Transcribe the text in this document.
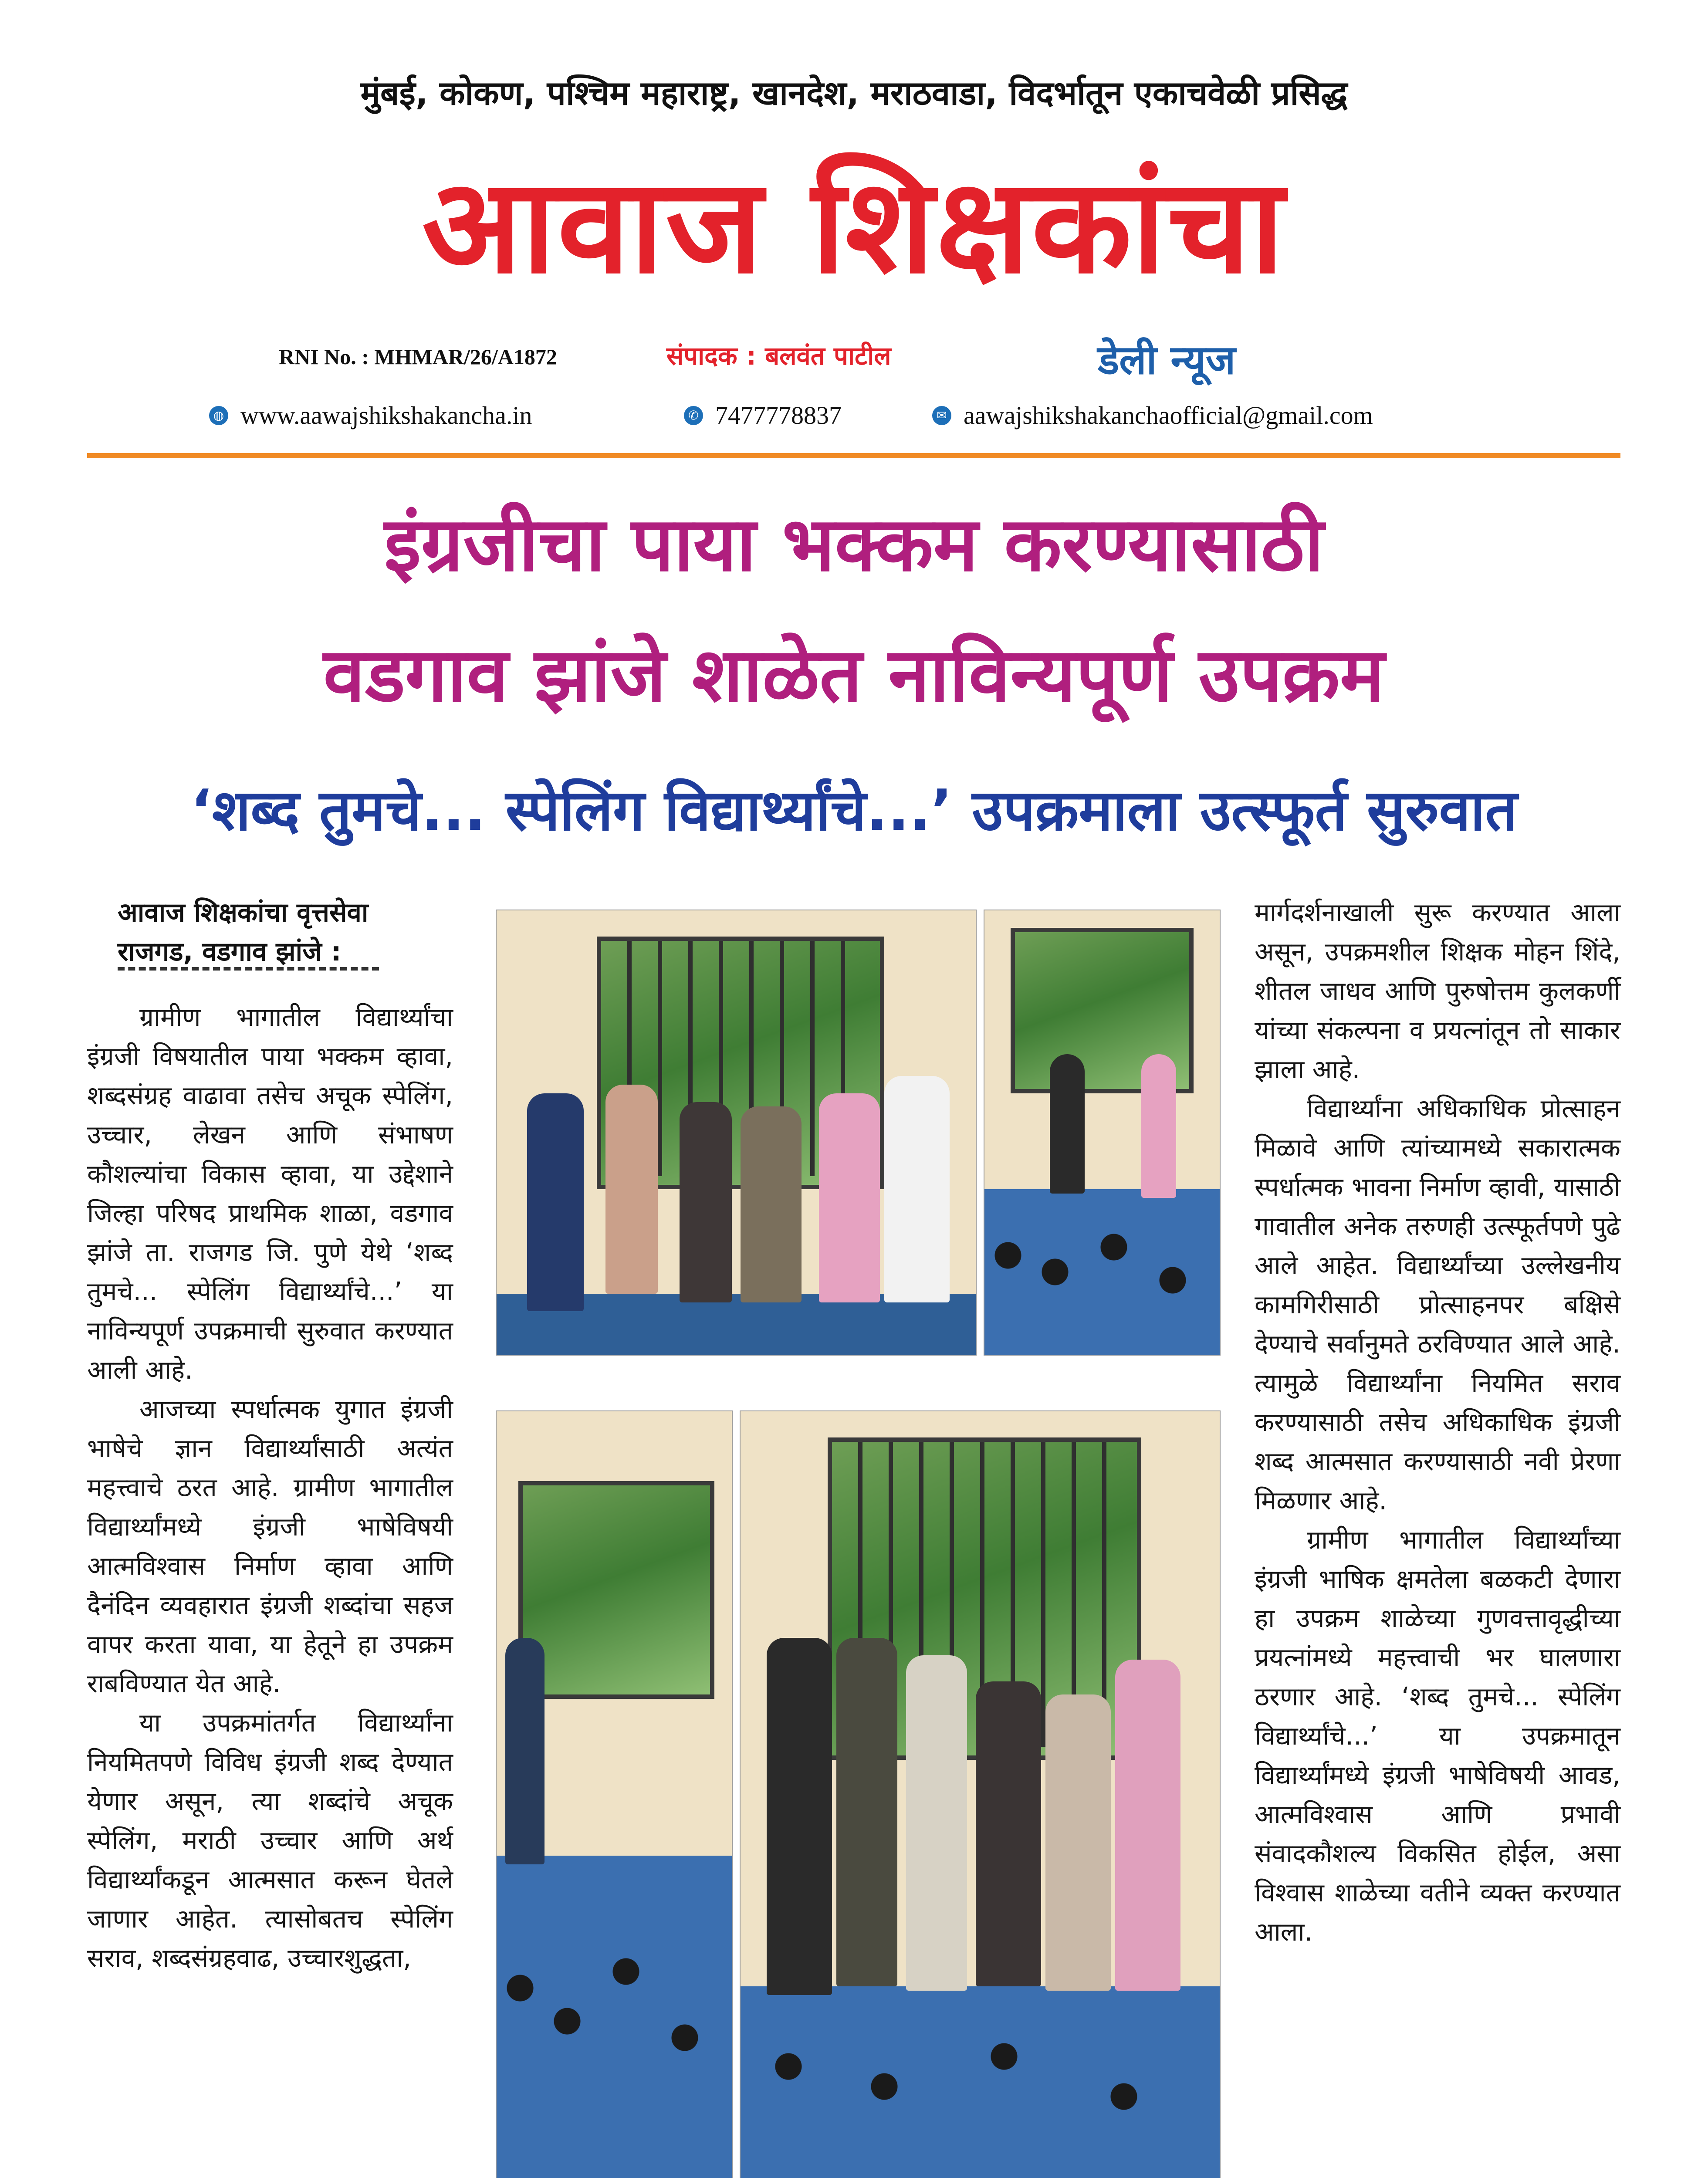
मुंबई, कोकण, पश्चिम महाराष्ट्र, खानदेश, मराठवाडा, विदर्भातून एकाचवेळी प्रसिद्ध
आवाज शिक्षकांचा
RNI No. : MHMAR/26/A1872	संपादक : बलवंत पाटील	डेली न्यूज
◍ www.aawajshikshakancha.in	✆ 7477778837	✉ aawajshikshakanchaofficial@gmail.com
इंग्रजीचा पाया भक्कम करण्यासाठी
वडगाव झांजे शाळेत नाविन्यपूर्ण उपक्रम
‘शब्द तुमचे... स्पेलिंग विद्यार्थ्यांचे...’ उपक्रमाला उत्स्फूर्त सुरुवात
आवाज शिक्षकांचा वृत्तसेवा
राजगड, वडगाव झांजे :

ग्रामीण भागातील विद्यार्थ्यांचा इंग्रजी विषयातील पाया भक्कम व्हावा, शब्दसंग्रह वाढावा तसेच अचूक स्पेलिंग, उच्चार, लेखन आणि संभाषण कौशल्यांचा विकास व्हावा, या उद्देशाने जिल्हा परिषद प्राथमिक शाळा, वडगाव झांजे ता. राजगड जि. पुणे येथे ‘शब्द तुमचे... स्पेलिंग विद्यार्थ्यांचे...’ या नाविन्यपूर्ण उपक्रमाची सुरुवात करण्यात आली आहे.

आजच्या स्पर्धात्मक युगात इंग्रजी भाषेचे ज्ञान विद्यार्थ्यांसाठी अत्यंत महत्त्वाचे ठरत आहे. ग्रामीण भागातील विद्यार्थ्यांमध्ये इंग्रजी भाषेविषयी आत्मविश्वास निर्माण व्हावा आणि दैनंदिन व्यवहारात इंग्रजी शब्दांचा सहज वापर करता यावा, या हेतूने हा उपक्रम राबविण्यात येत आहे.

या उपक्रमांतर्गत विद्यार्थ्यांना नियमितपणे विविध इंग्रजी शब्द देण्यात येणार असून, त्या शब्दांचे अचूक स्पेलिंग, मराठी उच्चार आणि अर्थ विद्यार्थ्यांकडून आत्मसात करून घेतले जाणार आहेत. त्यासोबतच स्पेलिंग सराव, शब्दसंग्रहवाढ, उच्चारशुद्धता,

मार्गदर्शनाखाली सुरू करण्यात आला असून, उपक्रमशील शिक्षक मोहन शिंदे, शीतल जाधव आणि पुरुषोत्तम कुलकर्णी यांच्या संकल्पना व प्रयत्नांतून तो साकार झाला आहे.

विद्यार्थ्यांना अधिकाधिक प्रोत्साहन मिळावे आणि त्यांच्यामध्ये सकारात्मक स्पर्धात्मक भावना निर्माण व्हावी, यासाठी गावातील अनेक तरुणही उत्स्फूर्तपणे पुढे आले आहेत. विद्यार्थ्यांच्या उल्लेखनीय कामगिरीसाठी प्रोत्साहनपर बक्षिसे देण्याचे सर्वानुमते ठरविण्यात आले आहे. त्यामुळे विद्यार्थ्यांना नियमित सराव करण्यासाठी तसेच अधिकाधिक इंग्रजी शब्द आत्मसात करण्यासाठी नवी प्रेरणा मिळणार आहे.

ग्रामीण भागातील विद्यार्थ्यांच्या इंग्रजी भाषिक क्षमतेला बळकटी देणारा हा उपक्रम शाळेच्या गुणवत्तावृद्धीच्या प्रयत्नांमध्ये महत्त्वाची भर घालणारा ठरणार आहे. ‘शब्द तुमचे... स्पेलिंग विद्यार्थ्यांचे...’ या उपक्रमातून विद्यार्थ्यांमध्ये इंग्रजी भाषेविषयी आवड, आत्मविश्वास आणि प्रभावी संवादकौशल्य विकसित होईल, असा विश्वास शाळेच्या वतीने व्यक्त करण्यात आला.
